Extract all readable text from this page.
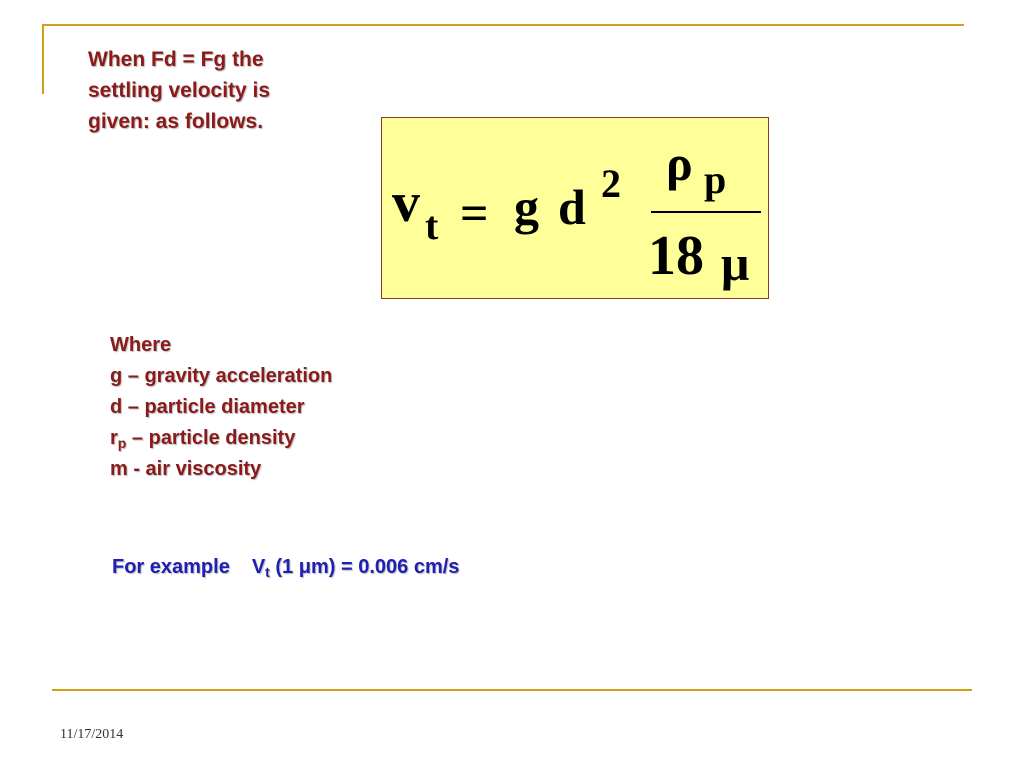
When Fd = Fg the
settling velocity is
given: as follows.
v t = g d 2 ρ p
18 μ
Where
g – gravity acceleration
d – particle diameter
$r_p$ – particle density
m - air viscosity
For example $V_t$ (1 μm) = 0.006 cm/s
11/17/2014
